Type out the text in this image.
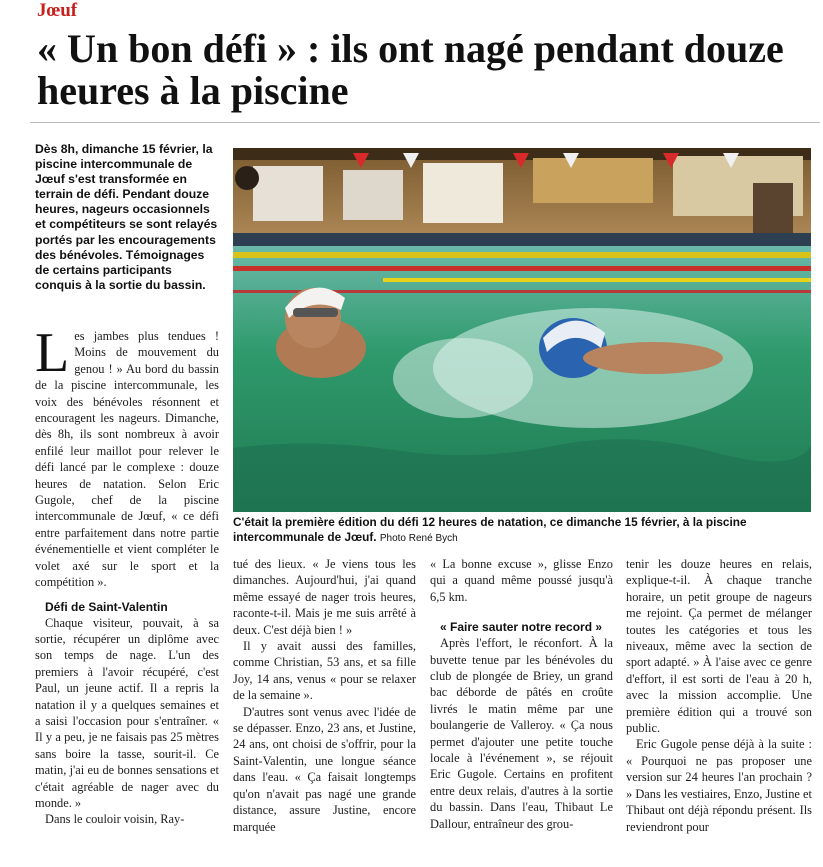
Jœuf
« Un bon défi » : ils ont nagé pendant douze heures à la piscine

Dès 8h, dimanche 15 février, la piscine intercommunale de Jœuf s'est transformée en terrain de défi. Pendant douze heures, nageurs occasionnels et compétiteurs se sont relayés portés par les encouragements des bénévoles. Témoignages de certains participants conquis à la sortie du bassin.

C'était la première édition du défi 12 heures de natation, ce dimanche 15 février, à la piscine intercommunale de Jœuf. Photo René Bych

Les jambes plus tendues ! Moins de mouvement du genou ! » Au bord du bassin de la piscine intercommunale, les voix des bénévoles résonnent et encouragent les nageurs. Dimanche, dès 8h, ils sont nombreux à avoir enfilé leur maillot pour relever le défi lancé par le complexe : douze heures de natation. Selon Eric Gugole, chef de la piscine intercommunale de Jœuf, « ce défi entre parfaitement dans notre partie événementielle et vient compléter le volet axé sur le sport et la compétition ».

Défi de Saint-Valentin

Chaque visiteur, pouvait, à sa sortie, récupérer un diplôme avec son temps de nage. L'un des premiers à l'avoir récupéré, c'est Paul, un jeune actif. Il a repris la natation il y a quelques semaines et a saisi l'occasion pour s'entraîner. « Il y a peu, je ne faisais pas 25 mètres sans boire la tasse, sourit-il. Ce matin, j'ai eu de bonnes sensations et c'était agréable de nager avec du monde. »

Dans le couloir voisin, Ray-

tué des lieux. « Je viens tous les dimanches. Aujourd'hui, j'ai quand même essayé de nager trois heures, raconte-t-il. Mais je me suis arrêté à deux. C'est déjà bien ! »

Il y avait aussi des familles, comme Christian, 53 ans, et sa fille Joy, 14 ans, venus « pour se relaxer de la semaine ».

D'autres sont venus avec l'idée de se dépasser. Enzo, 23 ans, et Justine, 24 ans, ont choisi de s'offrir, pour la Saint-Valentin, une longue séance dans l'eau. « Ça faisait longtemps qu'on n'avait pas nagé une grande distance, assure Justine, encore marquée

« La bonne excuse », glisse Enzo qui a quand même poussé jusqu'à 6,5 km.

« Faire sauter notre record »

Après l'effort, le réconfort. À la buvette tenue par les bénévoles du club de plongée de Briey, un grand bac déborde de pâtés en croûte livrés le matin même par une boulangerie de Valleroy. « Ça nous permet d'ajouter une petite touche locale à l'événement », se réjouit Eric Gugole. Certains en profitent entre deux relais, d'autres à la sortie du bassin. Dans l'eau, Thibaut Le Dallour, entraîneur des grou-

tenir les douze heures en relais, explique-t-il. À chaque tranche horaire, un petit groupe de nageurs me rejoint. Ça permet de mélanger toutes les catégories et tous les niveaux, même avec la section de sport adapté. » À l'aise avec ce genre d'effort, il est sorti de l'eau à 20 h, avec la mission accomplie. Une première édition qui a trouvé son public.

Eric Gugole pense déjà à la suite : « Pourquoi ne pas proposer une version sur 24 heures l'an prochain ? » Dans les vestiaires, Enzo, Justine et Thibaut ont déjà répondu présent. Ils reviendront pour
